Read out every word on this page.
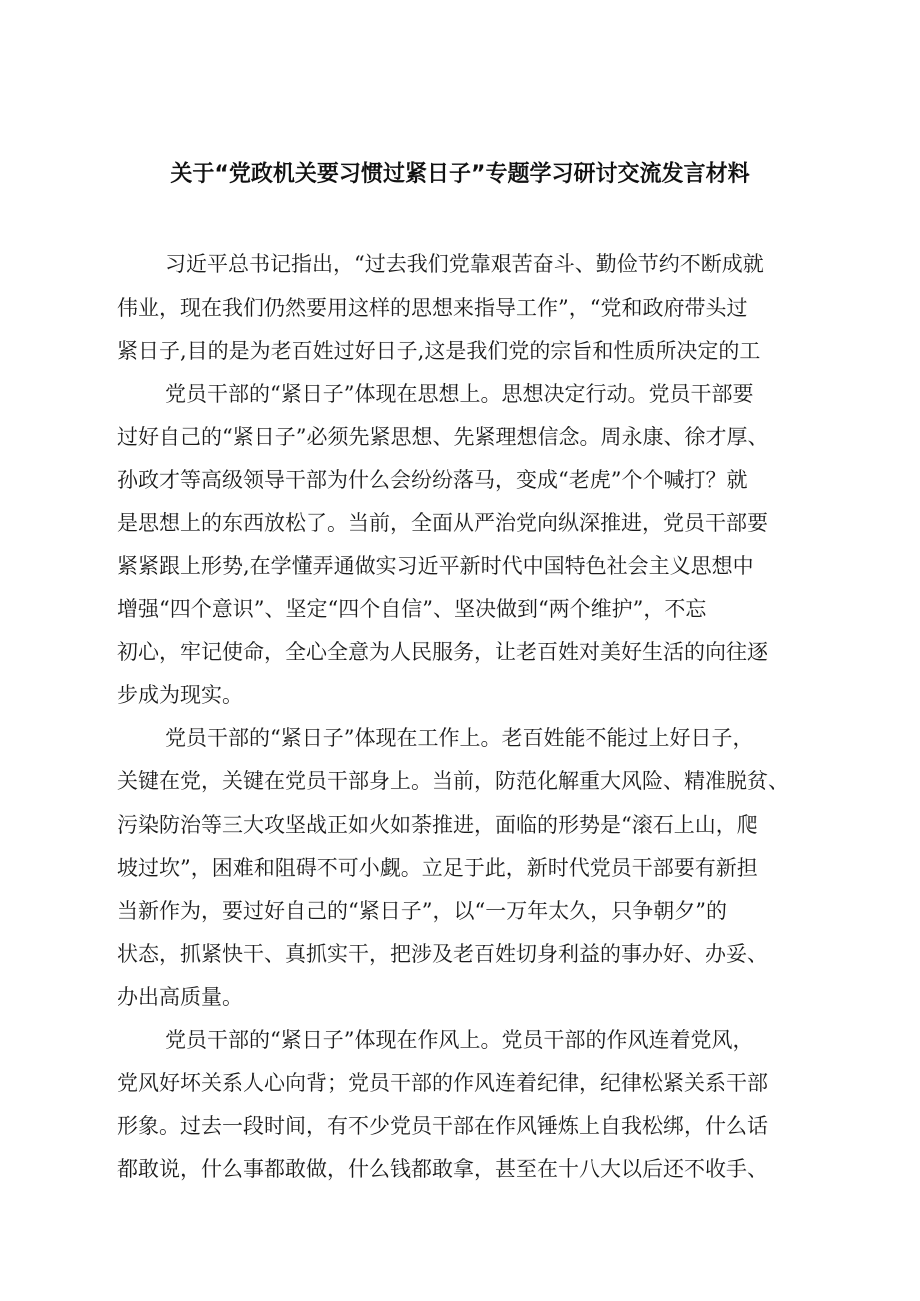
关于“党政机关要习惯过紧日子”专题学习研讨交流发言材料
习近平总书记指出，“过去我们党靠艰苦奋斗、勤俭节约不断成就
伟业，现在我们仍然要用这样的思想来指导工作”，“党和政府带头过
紧日子,目的是为老百姓过好日子,这是我们党的宗旨和性质所决定的工
党员干部的“紧日子”体现在思想上。思想决定行动。党员干部要
过好自己的“紧日子”必须先紧思想、先紧理想信念。周永康、徐才厚、
孙政才等高级领导干部为什么会纷纷落马，变成“老虎”个个喊打？就
是思想上的东西放松了。当前，全面从严治党向纵深推进，党员干部要
紧紧跟上形势,在学懂弄通做实习近平新时代中国特色社会主义思想中
增强“四个意识”、坚定“四个自信”、坚决做到“两个维护”，不忘
初心，牢记使命，全心全意为人民服务，让老百姓对美好生活的向往逐
步成为现实。
党员干部的“紧日子”体现在工作上。老百姓能不能过上好日子，
关键在党，关键在党员干部身上。当前，防范化解重大风险、精准脱贫、
污染防治等三大攻坚战正如火如荼推进，面临的形势是“滚石上山，爬
坡过坎”，困难和阻碍不可小觑。立足于此，新时代党员干部要有新担
当新作为，要过好自己的“紧日子”，以“一万年太久，只争朝夕”的
状态，抓紧快干、真抓实干，把涉及老百姓切身利益的事办好、办妥、
办出高质量。
党员干部的“紧日子”体现在作风上。党员干部的作风连着党风，
党风好坏关系人心向背；党员干部的作风连着纪律，纪律松紧关系干部
形象。过去一段时间，有不少党员干部在作风锤炼上自我松绑，什么话
都敢说，什么事都敢做，什么钱都敢拿，甚至在十八大以后还不收手、
